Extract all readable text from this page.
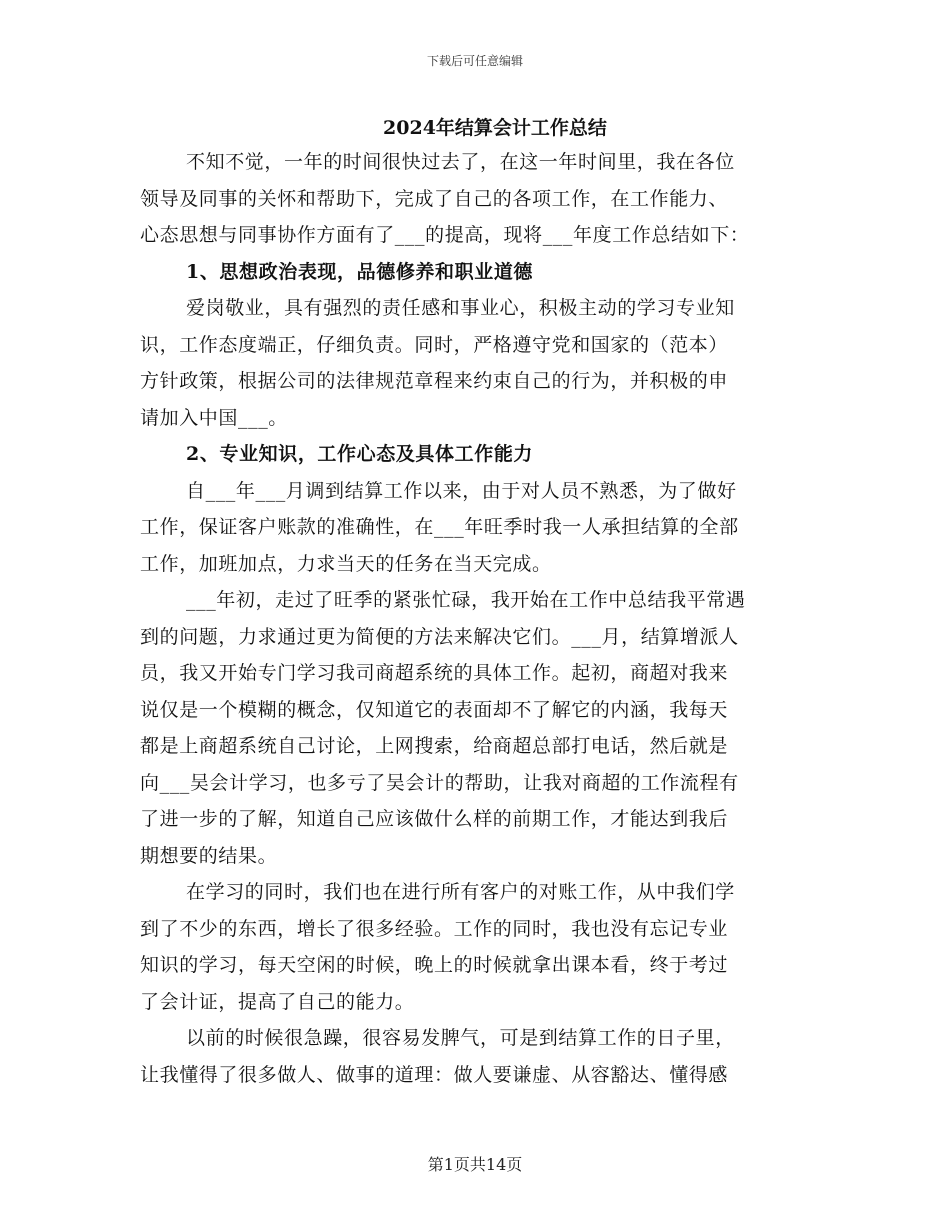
下载后可任意编辑
2024年结算会计工作总结
不知不觉，一年的时间很快过去了，在这一年时间里，我在各位
领导及同事的关怀和帮助下，完成了自己的各项工作，在工作能力、
心态思想与同事协作方面有了___的提高，现将___年度工作总结如下：
1、思想政治表现，品德修养和职业道德
爱岗敬业，具有强烈的责任感和事业心，积极主动的学习专业知
识，工作态度端正，仔细负责。同时，严格遵守党和国家的（范本）
方针政策，根据公司的法律规范章程来约束自己的行为，并积极的申
请加入中国___。
2、专业知识，工作心态及具体工作能力
自___年___月调到结算工作以来，由于对人员不熟悉，为了做好
工作，保证客户账款的准确性，在___年旺季时我一人承担结算的全部
工作，加班加点，力求当天的任务在当天完成。
___年初，走过了旺季的紧张忙碌，我开始在工作中总结我平常遇
到的问题，力求通过更为简便的方法来解决它们。___月，结算增派人
员，我又开始专门学习我司商超系统的具体工作。起初，商超对我来
说仅是一个模糊的概念，仅知道它的表面却不了解它的内涵，我每天
都是上商超系统自己讨论，上网搜索，给商超总部打电话，然后就是
向___吴会计学习，也多亏了吴会计的帮助，让我对商超的工作流程有
了进一步的了解，知道自己应该做什么样的前期工作，才能达到我后
期想要的结果。
在学习的同时，我们也在进行所有客户的对账工作，从中我们学
到了不少的东西，增长了很多经验。工作的同时，我也没有忘记专业
知识的学习，每天空闲的时候，晚上的时候就拿出课本看，终于考过
了会计证，提高了自己的能力。
以前的时候很急躁，很容易发脾气，可是到结算工作的日子里，
让我懂得了很多做人、做事的道理：做人要谦虚、从容豁达、懂得感
第1页共14页
